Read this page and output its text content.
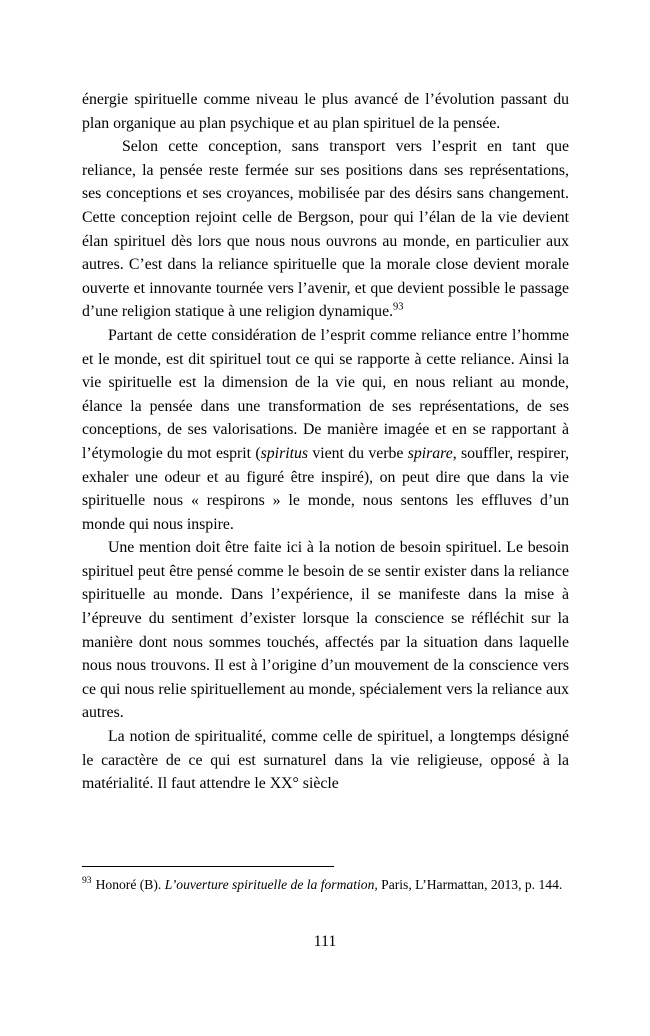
énergie spirituelle comme niveau le plus avancé de l’évolution passant du plan organique au plan psychique et au plan spirituel de la pensée.

Selon cette conception, sans transport vers l’esprit en tant que reliance, la pensée reste fermée sur ses positions dans ses représentations, ses conceptions et ses croyances, mobilisée par des désirs sans changement. Cette conception rejoint celle de Bergson, pour qui l’élan de la vie devient élan spirituel dès lors que nous nous ouvrons au monde, en particulier aux autres. C’est dans la reliance spirituelle que la morale close devient morale ouverte et innovante tournée vers l’avenir, et que devient possible le passage d’une religion statique à une religion dynamique.$^{93}$

Partant de cette considération de l’esprit comme reliance entre l’homme et le monde, est dit spirituel tout ce qui se rapporte à cette reliance. Ainsi la vie spirituelle est la dimension de la vie qui, en nous reliant au monde, élance la pensée dans une transformation de ses représentations, de ses conceptions, de ses valorisations. De manière imagée et en se rapportant à l’étymologie du mot esprit (spiritus vient du verbe spirare, souffler, respirer, exhaler une odeur et au figuré être inspiré), on peut dire que dans la vie spirituelle nous « respirons » le monde, nous sentons les effluves d’un monde qui nous inspire.

Une mention doit être faite ici à la notion de besoin spirituel. Le besoin spirituel peut être pensé comme le besoin de se sentir exister dans la reliance spirituelle au monde. Dans l’expérience, il se manifeste dans la mise à l’épreuve du sentiment d’exister lorsque la conscience se réfléchit sur la manière dont nous sommes touchés, affectés par la situation dans laquelle nous nous trouvons. Il est à l’origine d’un mouvement de la conscience vers ce qui nous relie spirituellement au monde, spécialement vers la reliance aux autres.

La notion de spiritualité, comme celle de spirituel, a longtemps désigné le caractère de ce qui est surnaturel dans la vie religieuse, opposé à la matérialité. Il faut attendre le XX° siècle

$^{93}$ Honoré (B). L’ouverture spirituelle de la formation, Paris, L’Harmattan, 2013, p. 144.

111
